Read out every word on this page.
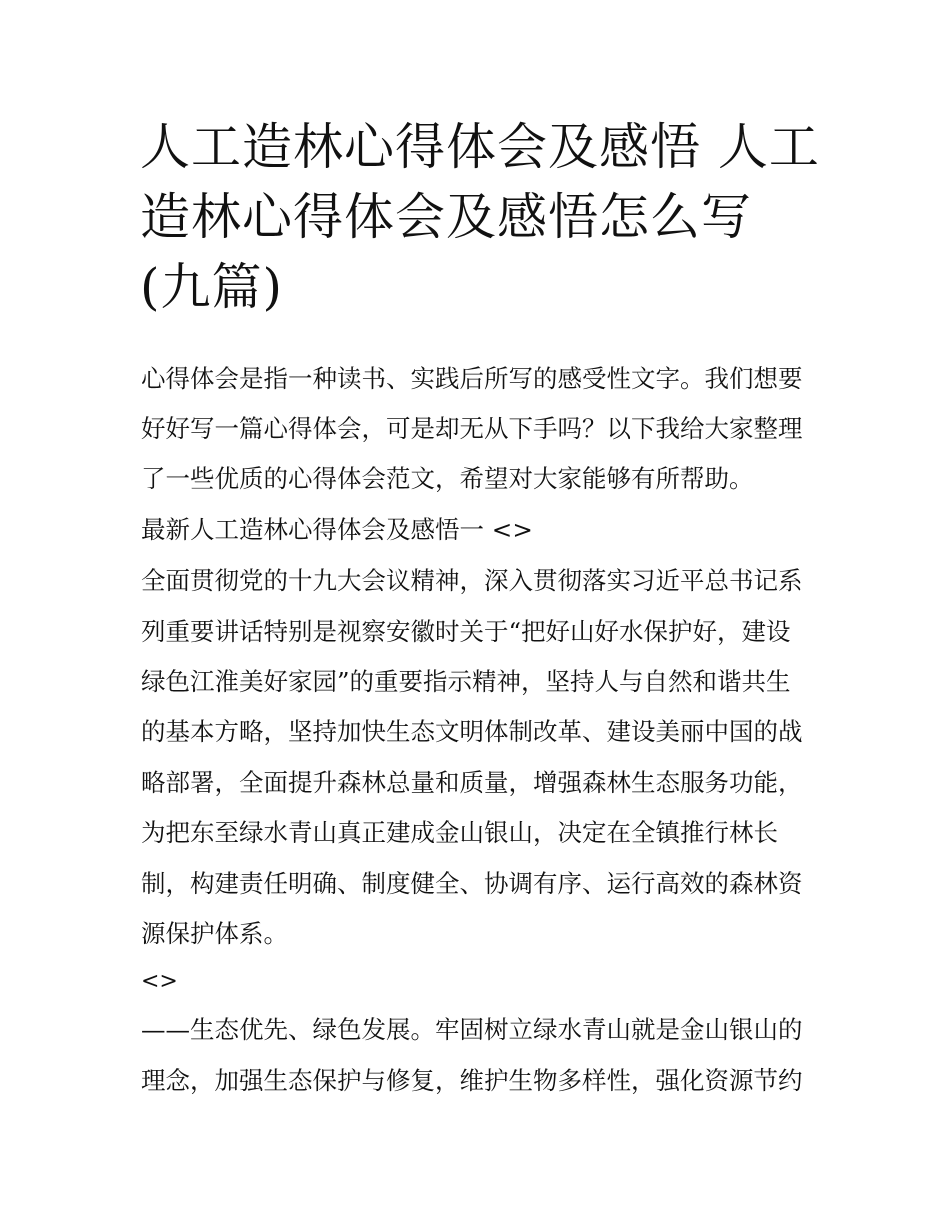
人工造林心得体会及感悟 人工造林心得体会及感悟怎么写(九篇)

心得体会是指一种读书、实践后所写的感受性文字。我们想要

好好写一篇心得体会，可是却无从下手吗？以下我给大家整理

了一些优质的心得体会范文，希望对大家能够有所帮助。

最新人工造林心得体会及感悟一 <>

全面贯彻党的十九大会议精神，深入贯彻落实习近平总书记系

列重要讲话特别是视察安徽时关于“把好山好水保护好，建设

绿色江淮美好家园”的重要指示精神，坚持人与自然和谐共生

的基本方略，坚持加快生态文明体制改革、建设美丽中国的战

略部署，全面提升森林总量和质量，增强森林生态服务功能，

为把东至绿水青山真正建成金山银山，决定在全镇推行林长

制，构建责任明确、制度健全、协调有序、运行高效的森林资

源保护体系。

<>

——生态优先、绿色发展。牢固树立绿水青山就是金山银山的

理念，加强生态保护与修复，维护生物多样性，强化资源节约
